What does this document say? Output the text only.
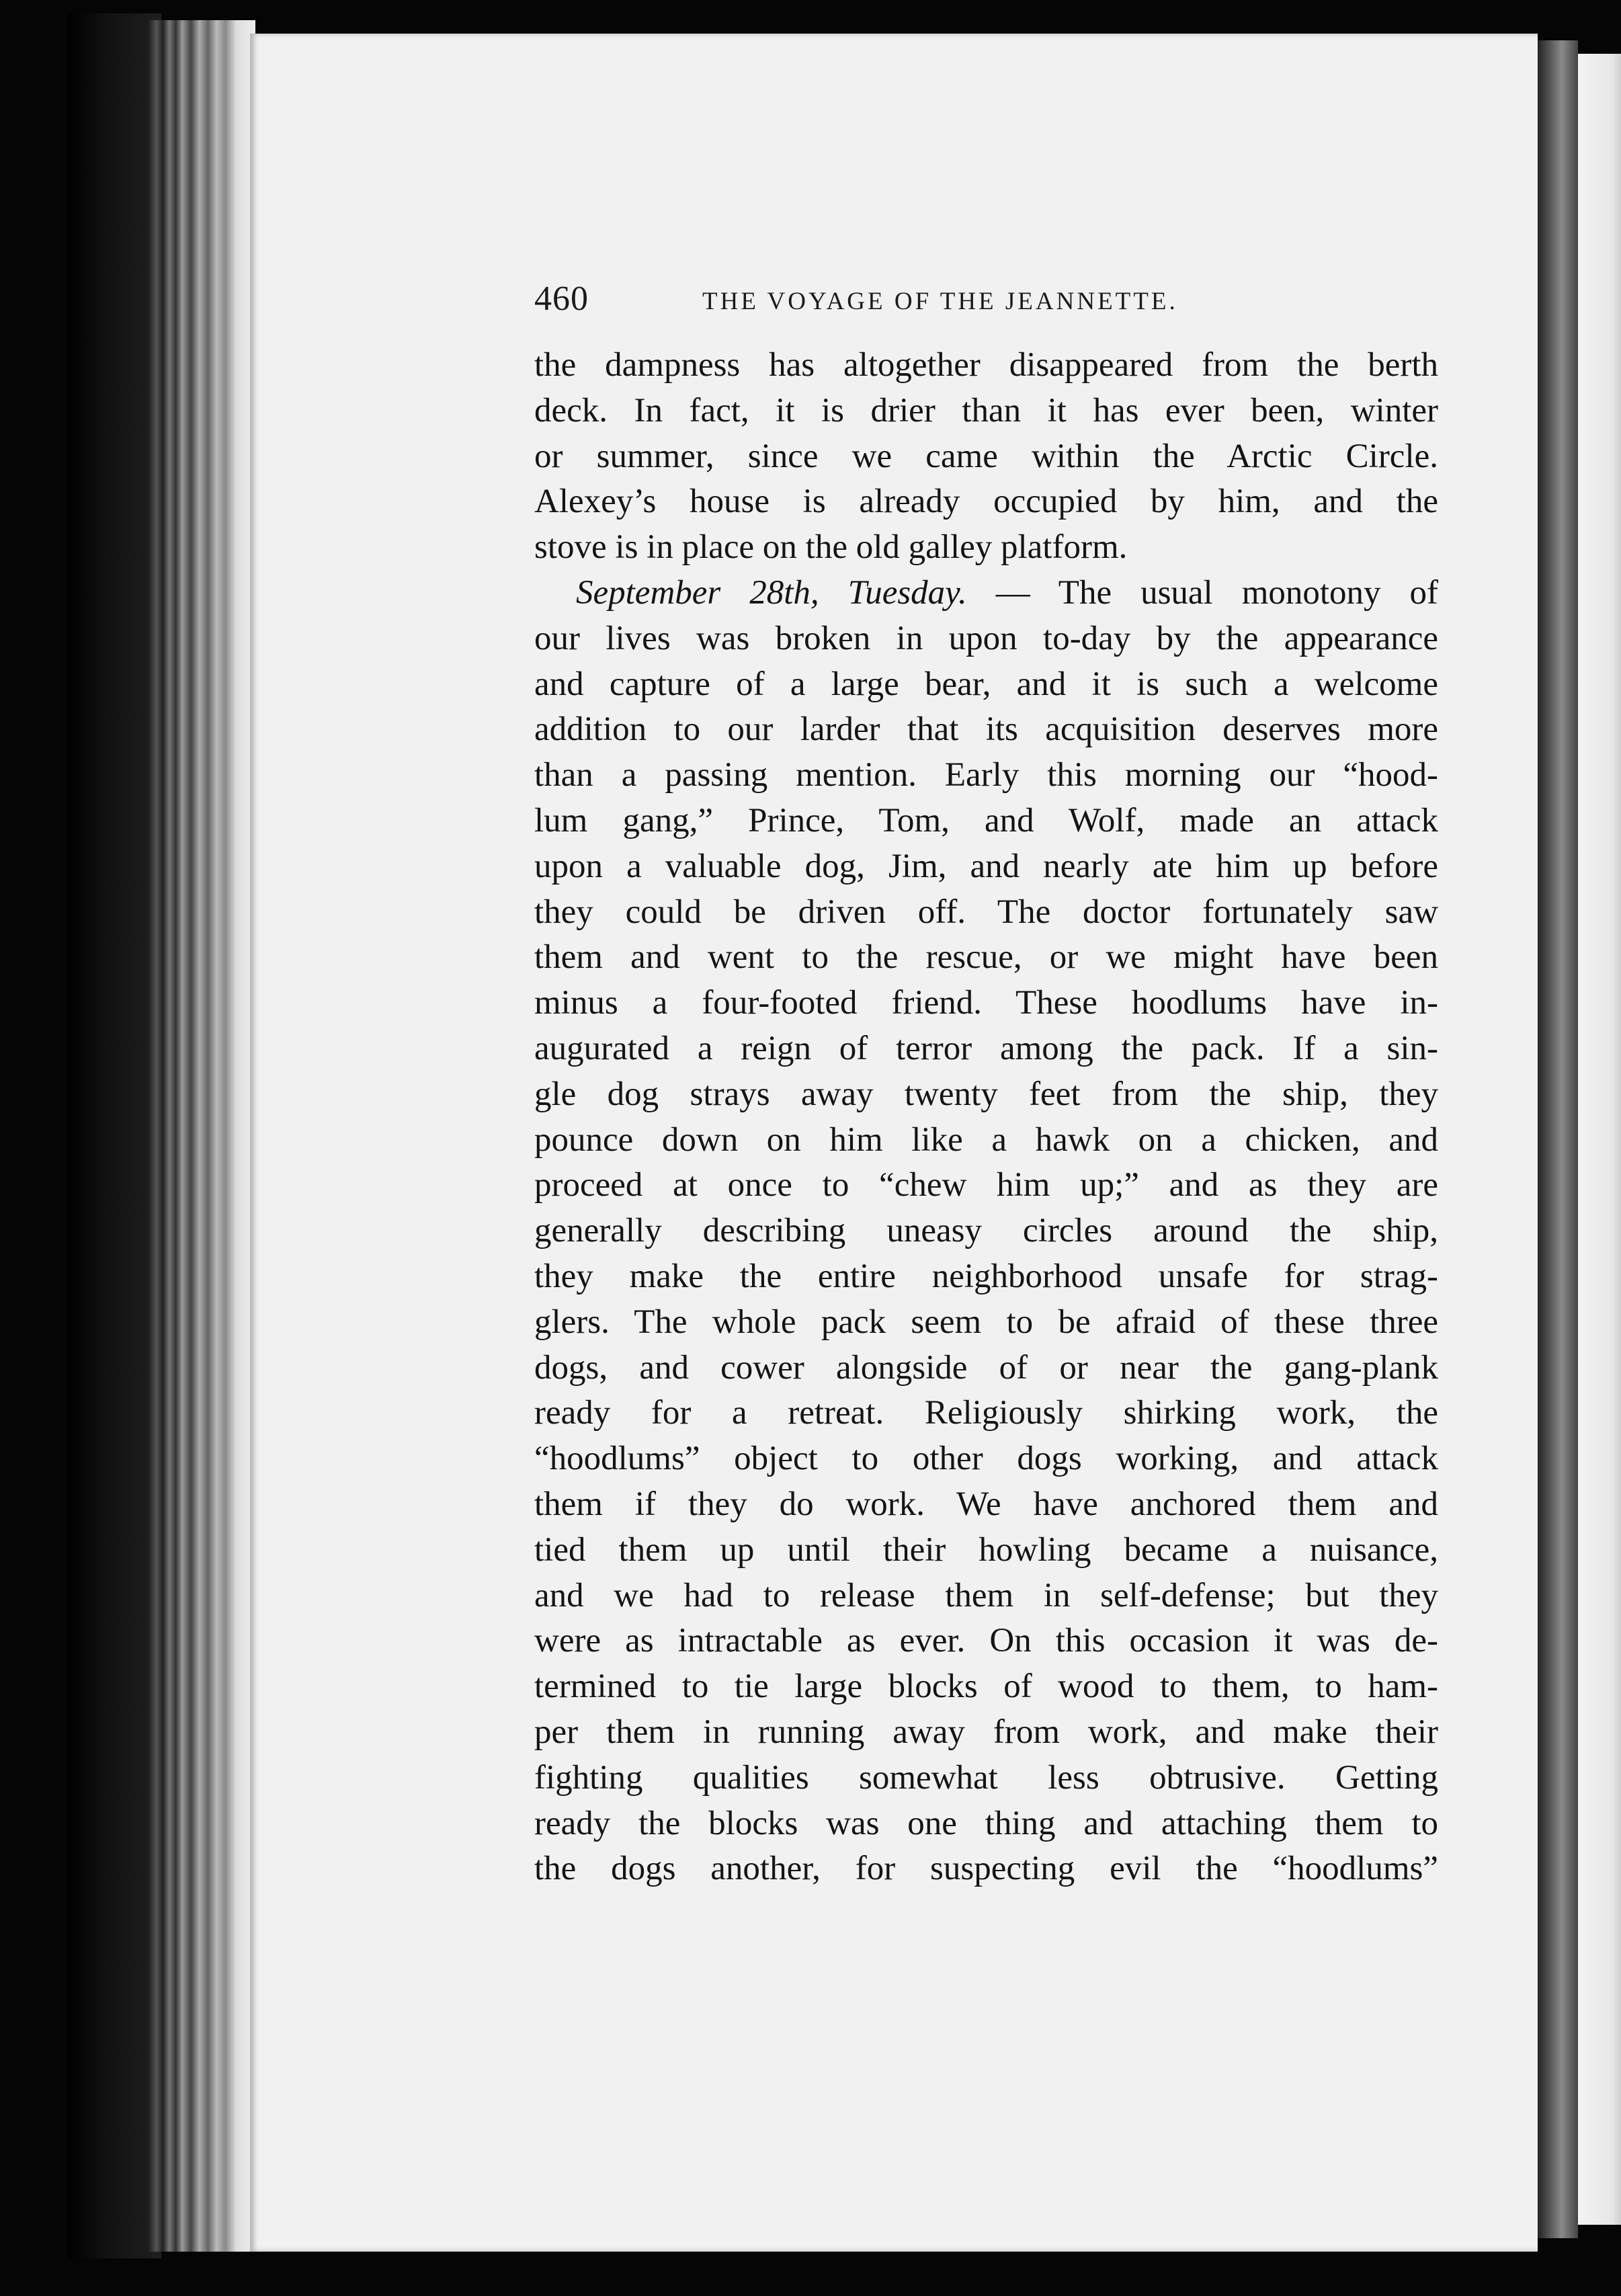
460	THE VOYAGE OF THE JEANNETTE.
the dampness has altogether disappeared from the berth
deck. In fact, it is drier than it has ever been, winter
or summer, since we came within the Arctic Circle.
Alexey’s house is already occupied by him, and the
stove is in place on the old galley platform.
September 28th, Tuesday. — The usual monotony of
our lives was broken in upon to-day by the appearance
and capture of a large bear, and it is such a welcome
addition to our larder that its acquisition deserves more
than a passing mention. Early this morning our “hood-
lum gang,” Prince, Tom, and Wolf, made an attack
upon a valuable dog, Jim, and nearly ate him up before
they could be driven off. The doctor fortunately saw
them and went to the rescue, or we might have been
minus a four-footed friend. These hoodlums have in-
augurated a reign of terror among the pack. If a sin-
gle dog strays away twenty feet from the ship, they
pounce down on him like a hawk on a chicken, and
proceed at once to “chew him up;” and as they are
generally describing uneasy circles around the ship,
they make the entire neighborhood unsafe for strag-
glers. The whole pack seem to be afraid of these three
dogs, and cower alongside of or near the gang-plank
ready for a retreat. Religiously shirking work, the
“hoodlums” object to other dogs working, and attack
them if they do work. We have anchored them and
tied them up until their howling became a nuisance,
and we had to release them in self-defense; but they
were as intractable as ever. On this occasion it was de-
termined to tie large blocks of wood to them, to ham-
per them in running away from work, and make their
fighting qualities somewhat less obtrusive. Getting
ready the blocks was one thing and attaching them to
the dogs another, for suspecting evil the “hoodlums”
